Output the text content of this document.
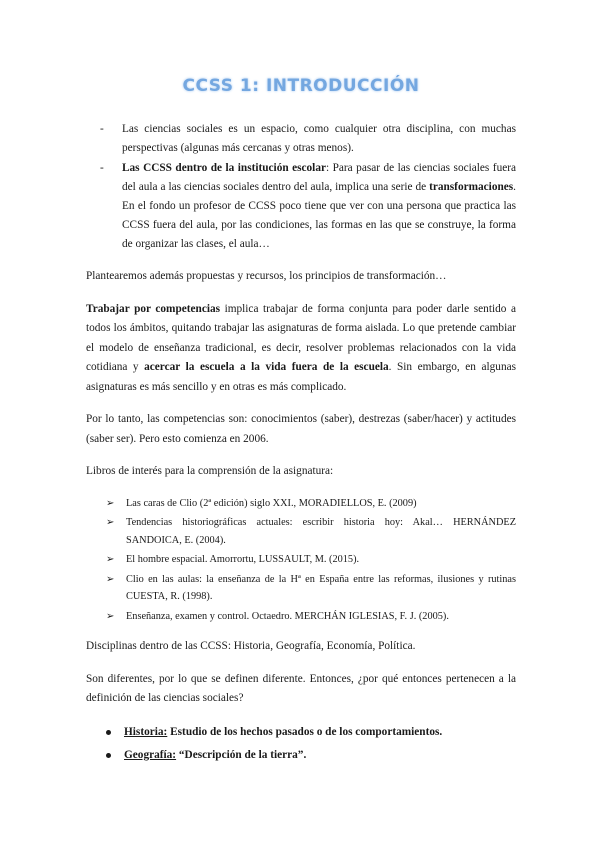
CCSS 1: INTRODUCCIÓN
- Las ciencias sociales es un espacio, como cualquier otra disciplina, con muchas perspectivas (algunas más cercanas y otras menos).
- Las CCSS dentro de la institución escolar: Para pasar de las ciencias sociales fuera del aula a las ciencias sociales dentro del aula, implica una serie de transformaciones. En el fondo un profesor de CCSS poco tiene que ver con una persona que practica las CCSS fuera del aula, por las condiciones, las formas en las que se construye, la forma de organizar las clases, el aula…

Plantearemos además propuestas y recursos, los principios de transformación…

Trabajar por competencias implica trabajar de forma conjunta para poder darle sentido a todos los ámbitos, quitando trabajar las asignaturas de forma aislada. Lo que pretende cambiar el modelo de enseñanza tradicional, es decir, resolver problemas relacionados con la vida cotidiana y acercar la escuela a la vida fuera de la escuela. Sin embargo, en algunas asignaturas es más sencillo y en otras es más complicado.

Por lo tanto, las competencias son: conocimientos (saber), destrezas (saber/hacer) y actitudes (saber ser). Pero esto comienza en 2006.

Libros de interés para la comprensión de la asignatura:

➢ Las caras de Clio (2ª edición) siglo XXI., MORADIELLOS, E. (2009)
➢ Tendencias historiográficas actuales: escribir historia hoy: Akal… HERNÁNDEZ SANDOICA, E. (2004).
➢ El hombre espacial. Amorrortu, LUSSAULT, M. (2015).
➢ Clio en las aulas: la enseñanza de la Hª en España entre las reformas, ilusiones y rutinas CUESTA, R. (1998).
➢ Enseñanza, examen y control. Octaedro. MERCHÁN IGLESIAS, F. J. (2005).

Disciplinas dentro de las CCSS: Historia, Geografía, Economía, Política.

Son diferentes, por lo que se definen diferente. Entonces, ¿por qué entonces pertenecen a la definición de las ciencias sociales?

Historia: Estudio de los hechos pasados o de los comportamientos.
Geografía: “Descripción de la tierra”.
